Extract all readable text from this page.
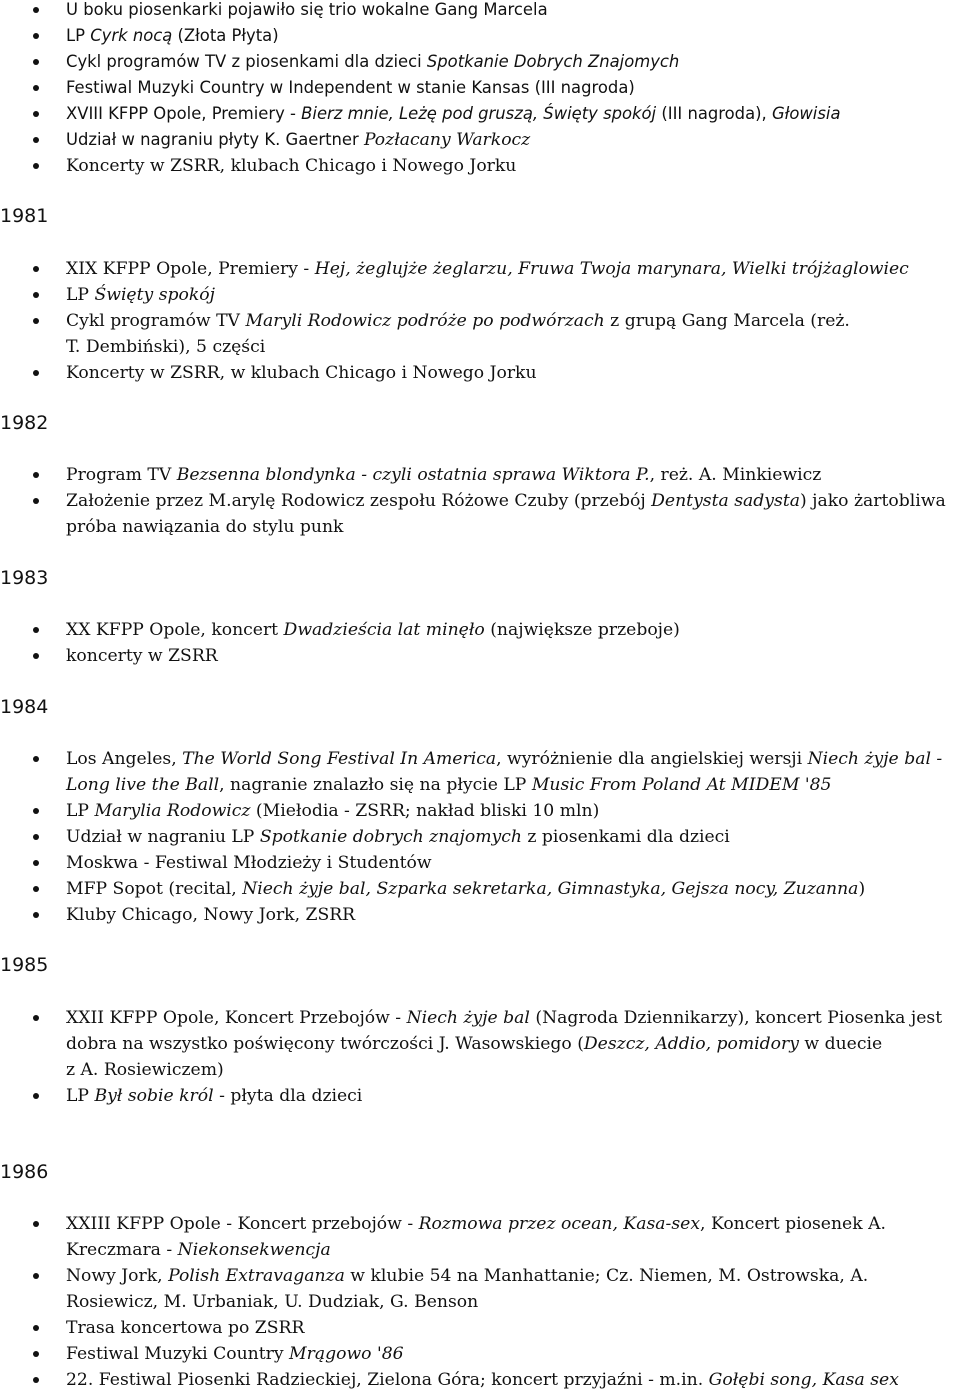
U boku piosenkarki pojawiło się trio wokalne Gang Marcela
LP Cyrk nocą (Złota Płyta)
Cykl programów TV z piosenkami dla dzieci Spotkanie Dobrych Znajomych
Festiwal Muzyki Country w Independent w stanie Kansas (III nagroda)
XVIII KFPP Opole, Premiery - Bierz mnie, Leżę pod gruszą, Święty spokój (III nagroda), Głowisia
Udział w nagraniu płyty K. Gaertner Pozłacany Warkocz
Koncerty w ZSRR, klubach Chicago i Nowego Jorku
1981
XIX KFPP Opole, Premiery - Hej, żeglujże żeglarzu, Fruwa Twoja marynara, Wielki trójżaglowiec
LP Święty spokój
Cykl programów TV Maryli Rodowicz podróże po podwórzach z grupą Gang Marcela (reż.
T. Dembiński), 5 części
Koncerty w ZSRR, w klubach Chicago i Nowego Jorku
1982
Program TV Bezsenna blondynka - czyli ostatnia sprawa Wiktora P., reż. A. Minkiewicz
Założenie przez M.arylę Rodowicz zespołu Różowe Czuby (przebój Dentysta sadysta) jako żartobliwa próba nawiązania do stylu punk
1983
XX KFPP Opole, koncert Dwadzieścia lat minęło (największe przeboje)
koncerty w ZSRR
1984
Los Angeles, The World Song Festival In America, wyróżnienie dla angielskiej wersji Niech żyje bal - Long live the Ball, nagranie znalazło się na płycie LP Music From Poland At MIDEM '85
LP Marylia Rodowicz (Miełodia - ZSRR; nakład bliski 10 mln)
Udział w nagraniu LP Spotkanie dobrych znajomych z piosenkami dla dzieci
Moskwa - Festiwal Młodzieży i Studentów
MFP Sopot (recital, Niech żyje bal, Szparka sekretarka, Gimnastyka, Gejsza nocy, Zuzanna)
Kluby Chicago, Nowy Jork, ZSRR
1985
XXII KFPP Opole, Koncert Przebojów - Niech żyje bal (Nagroda Dziennikarzy), koncert Piosenka jest dobra na wszystko poświęcony twórczości J. Wasowskiego (Deszcz, Addio, pomidory w duecie
z A. Rosiewiczem)
LP Był sobie król - płyta dla dzieci
1986
XXIII KFPP Opole - Koncert przebojów - Rozmowa przez ocean, Kasa-sex, Koncert piosenek A. Kreczmara - Niekonsekwencja
Nowy Jork, Polish Extravaganza w klubie 54 na Manhattanie; Cz. Niemen, M. Ostrowska, A. Rosiewicz, M. Urbaniak, U. Dudziak, G. Benson
Trasa koncertowa po ZSRR
Festiwal Muzyki Country Mrągowo '86
22. Festiwal Piosenki Radzieckiej, Zielona Góra; koncert przyjaźni - m.in. Gołębi song, Kasa sex
